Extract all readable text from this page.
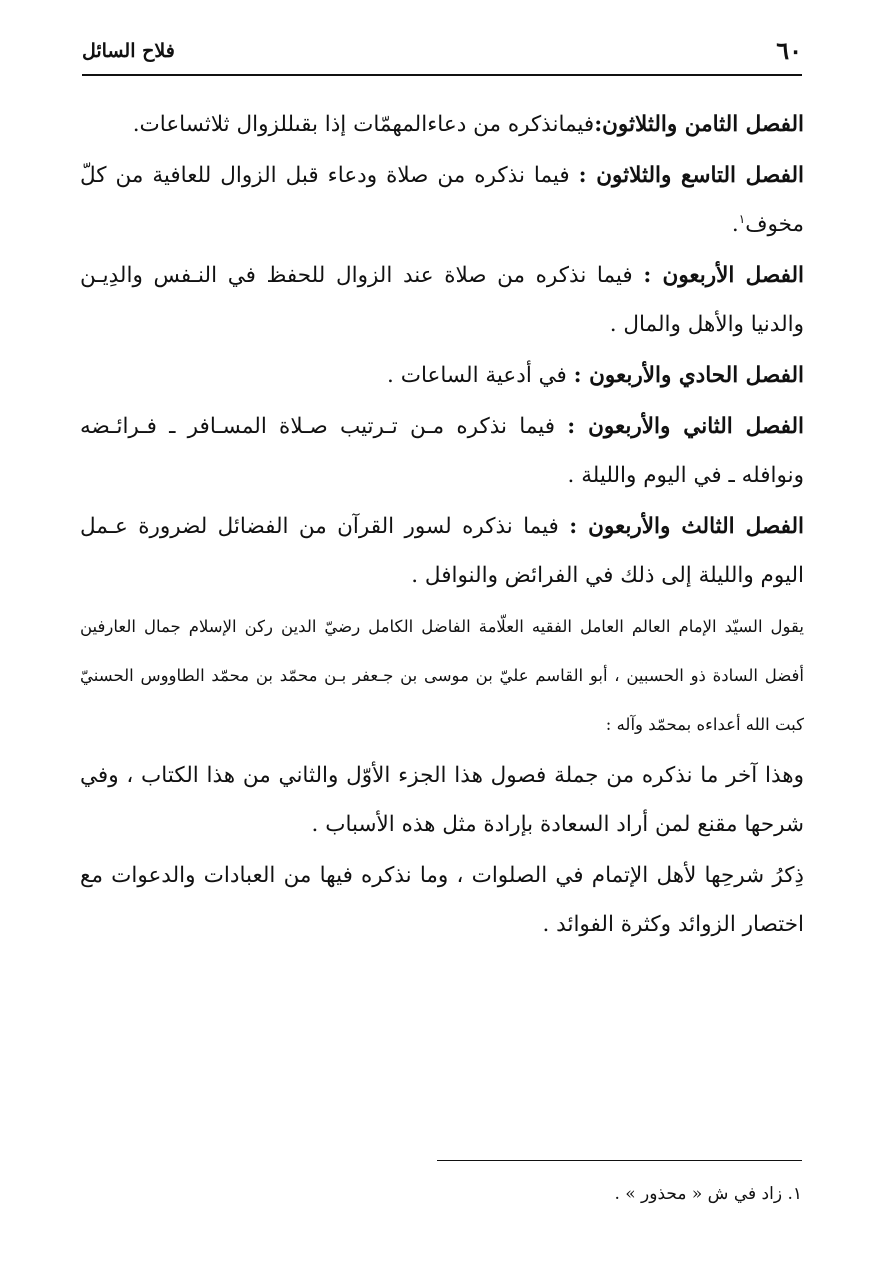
٦٠
فلاح السائل

الفصل الثامن والثلاثون:فيمانذكره من دعاءالمهمّات إذا بقىللزوال ثلاثساعات.

الفصل التاسع والثلاثون : فيما نذكره من صلاة ودعاء قبل الزوال للعافية من كلّ مخوف$^١$.

الفصل الأربعون : فيما نذكره من صلاة عند الزوال للحفظ في النـفس والدِيـن والدنيا والأهل والمال .

الفصل الحادي والأربعون : في أدعية الساعات .

الفصل الثاني والأربعون : فيما نذكره مـن تـرتيب صـلاة المسـافر ـ فـرائـضه ونوافله ـ في اليوم والليلة .

الفصل الثالث والأربعون : فيما نذكره لسور القرآن من الفضائل لضرورة عـمل اليوم والليلة إلى ذلك في الفرائض والنوافل .

يقول السيّد الإمام العالم العامل الفقيه العلّامة الفاضل الكامل رضيّ الدين ركن الإسلام جمال العارفين أفضل السادة ذو الحسبين ، أبو القاسم عليّ بن موسى بن جـعفر بـن محمّد بن محمّد الطاووس الحسنيّ كبت الله أعداءه بمحمّد وآله :

وهذا آخر ما نذكره من جملة فصول هذا الجزء الأوّل والثاني من هذا الكتاب ، وفي شرحها مقنع لمن أراد السعادة بإرادة مثل هذه الأسباب .

ذِكرُ شرحِها لأهل الإتمام في الصلوات ، وما نذكره فيها من العبادات والدعوات مع اختصار الزوائد وكثرة الفوائد .

١. زاد في ش « محذور » .
